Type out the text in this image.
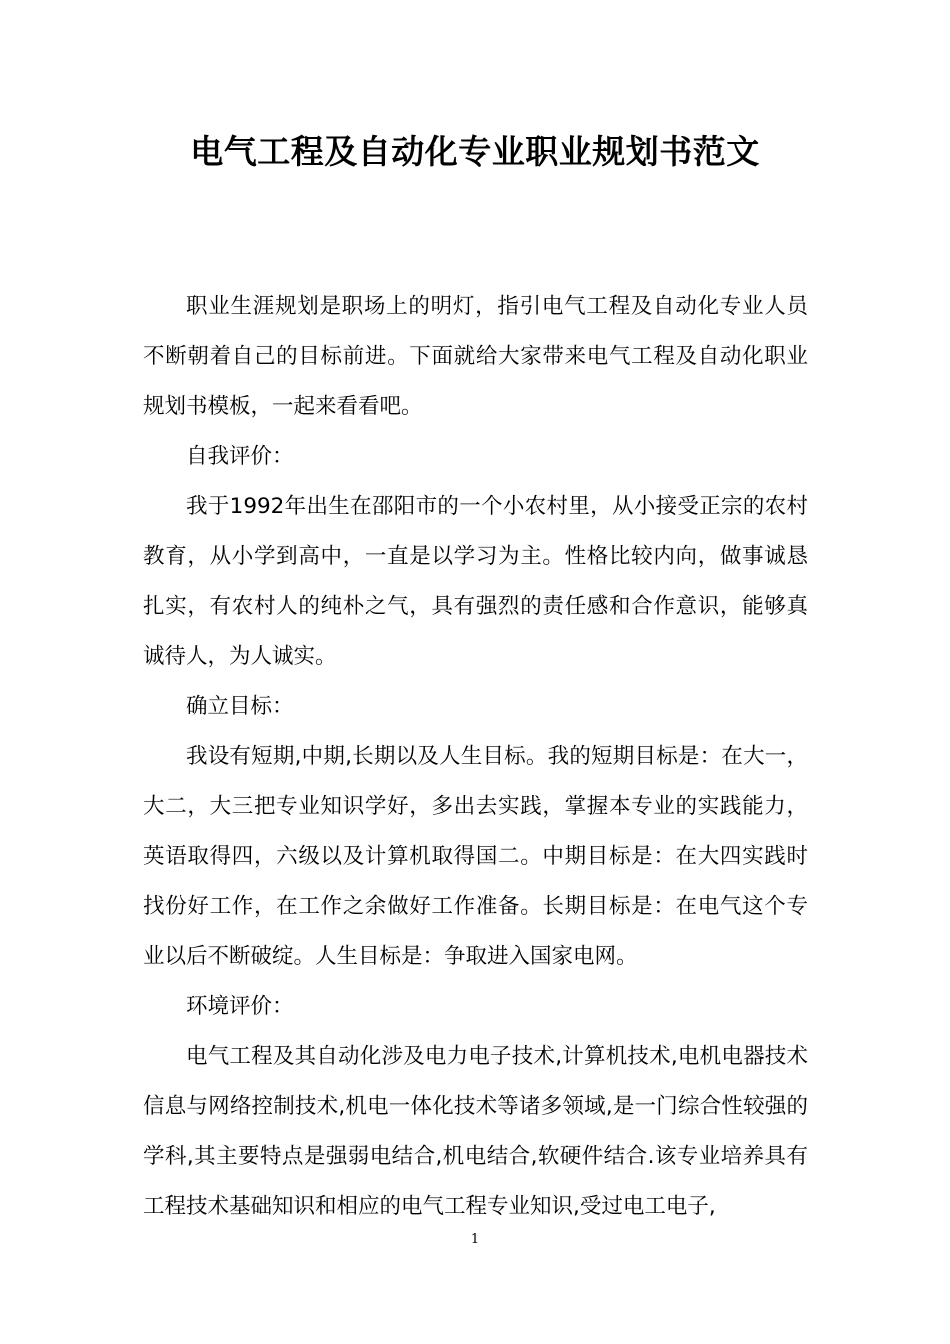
电气工程及自动化专业职业规划书范文

职业生涯规划是职场上的明灯，指引电气工程及自动化专业人员不断朝着自己的目标前进。下面就给大家带来电气工程及自动化职业规划书模板，一起来看看吧。

自我评价：

我于1992年出生在邵阳市的一个小农村里，从小接受正宗的农村教育，从小学到高中，一直是以学习为主。性格比较内向，做事诚恳扎实，有农村人的纯朴之气，具有强烈的责任感和合作意识，能够真诚待人，为人诚实。

确立目标：

我设有短期,中期,长期以及人生目标。我的短期目标是：在大一，大二，大三把专业知识学好，多出去实践，掌握本专业的实践能力，英语取得四，六级以及计算机取得国二。中期目标是：在大四实践时找份好工作，在工作之余做好工作准备。长期目标是：在电气这个专业以后不断破绽。人生目标是：争取进入国家电网。

环境评价：

电气工程及其自动化涉及电力电子技术,计算机技术,电机电器技术信息与网络控制技术,机电一体化技术等诸多领域,是一门综合性较强的学科,其主要特点是强弱电结合,机电结合,软硬件结合.该专业培养具有工程技术基础知识和相应的电气工程专业知识,受过电工电子,

1
